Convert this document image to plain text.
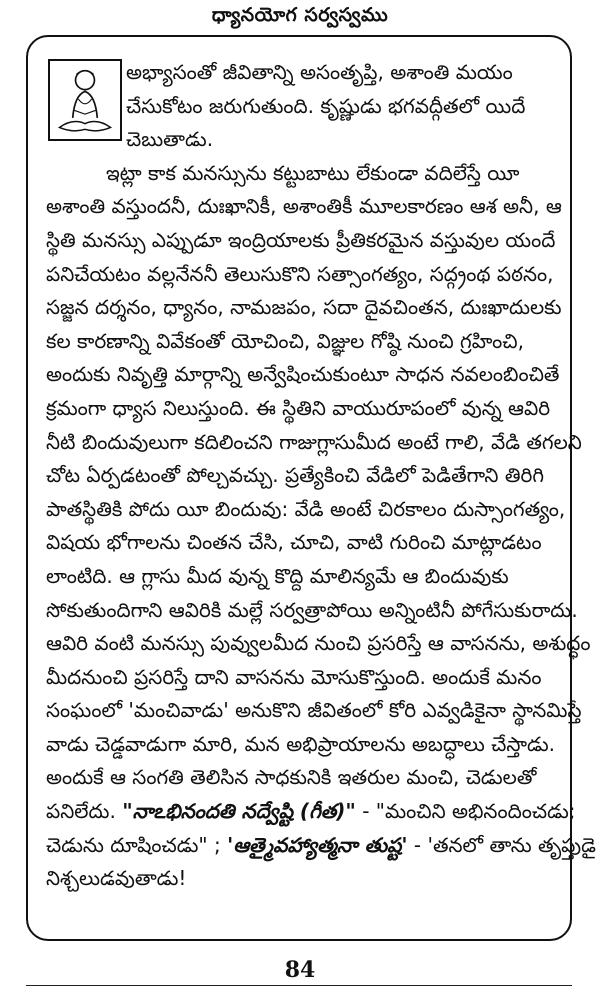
ధ్యానయోగ సర్వస్వము
అభ్యాసంతో జీవితాన్ని అసంతృప్తి, అశాంతి మయం
చేసుకోటం జరుగుతుంది. కృష్ణుడు భగవద్గీతలో యిదే
చెబుతాడు.
ఇట్లా కాక మనస్సును కట్టుబాటు లేకుండా వదిలేస్తే యీ
అశాంతి వస్తుందనీ, దుఃఖానికీ, అశాంతికీ మూలకారణం ఆశ అనీ, ఆ
స్థితి మనస్సు ఎప్పుడూ ఇంద్రియాలకు ప్రీతికరమైన వస్తువుల యందే
పనిచేయటం వల్లనేననీ తెలుసుకొని సత్సాంగత్యం, సద్గ్రంథ పఠనం,
సజ్జన దర్శనం, ధ్యానం, నామజపం, సదా దైవచింతన, దుఃఖాదులకు
కల కారణాన్ని వివేకంతో యోచించి, విజ్ఞుల గోష్ఠి నుంచి గ్రహించి,
అందుకు నివృత్తి మార్గాన్ని అన్వేషించుకుంటూ సాధన నవలంబించితే
క్రమంగా ధ్యాస నిలుస్తుంది. ఈ స్థితిని వాయురూపంలో వున్న ఆవిరి
నీటి బిందువులుగా కదిలించని గాజుగ్లాసుమీద అంటే గాలి, వేడి తగలని
చోట ఏర్పడటంతో పోల్చవచ్చు. ప్రత్యేకించి వేడిలో పెడితేగాని తిరిగి
పాతస్థితికి పోదు యీ బిందువు: వేడి అంటే చిరకాలం దుస్సాంగత్యం,
విషయ భోగాలను చింతన చేసి, చూచి, వాటి గురించి మాట్లాడటం
లాంటిది. ఆ గ్లాసు మీద వున్న కొద్ది మాలిన్యమే ఆ బిందువుకు
సోకుతుందిగాని ఆవిరికి మల్లే సర్వత్రాపోయి అన్నింటినీ పోగేసుకురాదు.
ఆవిరి వంటి మనస్సు పువ్వులమీద నుంచి ప్రసరిస్తే ఆ వాసనను, అశుద్ధం
మీదనుంచి ప్రసరిస్తే దాని వాసనను మోసుకొస్తుంది. అందుకే మనం
సంఘంలో 'మంచివాడు' అనుకొని జీవితంలో కోరి ఎవ్వడికైనా స్థానమిస్తే
వాడు చెడ్డవాడుగా మారి, మన అభిప్రాయాలను అబద్ధాలు చేస్తాడు.
అందుకే ఆ సంగతి తెలిసిన సాధకునికి ఇతరుల మంచి, చెడులతో
పనిలేదు. "నాఽభినందతి నద్వేష్టి (గీత)" - "మంచిని అభినందించడు;
చెడును దూషించడు" ; 'ఆత్మైవహ్యాత్మనా తుష్ట' - 'తనలో తాను తృప్తుడై
నిశ్చలుడవుతాడు!
84
